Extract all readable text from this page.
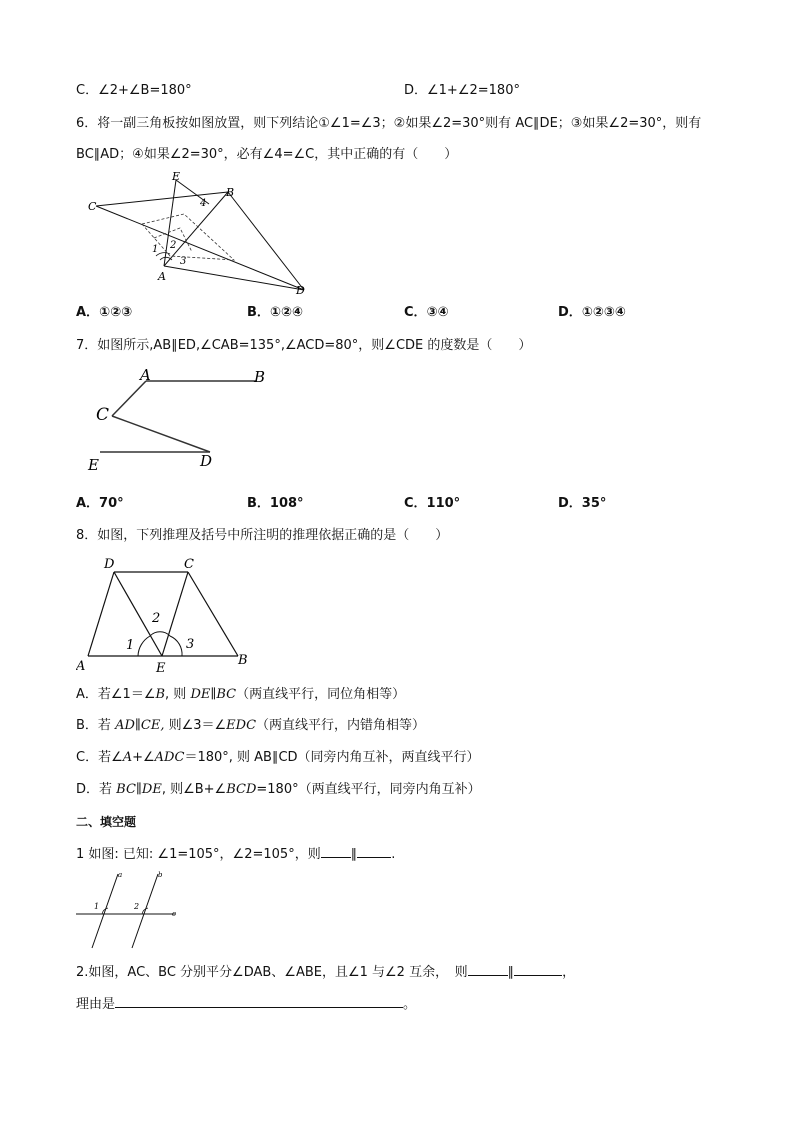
C．∠2+∠B=180°	D．∠1+∠2=180°
6．将一副三角板按如图放置，则下列结论①∠1=∠3；②如果∠2=30°则有 AC∥DE；③如果∠2=30°，则有
BC∥AD；④如果∠2=30°，必有∠4=∠C，其中正确的有（　　）
E
B
C	4
1 2
3
A
D
A．①②③	B．①②④	C．③④	D．①②③④
7．如图所示,AB∥ED,∠CAB=135°,∠ACD=80°，则∠CDE 的度数是（　　）
A	B
C
E	D
A．70°	B．108°	C．110°	D．35°
8．如图，下列推理及括号中所注明的推理依据正确的是（　　）
D	C
2
1	3
A	E
B
A．若∠1＝∠B, 则 DE∥BC（两直线平行，同位角相等）
B．若 AD∥CE, 则∠3＝∠EDC（两直线平行，内错角相等）
C．若∠A+∠ADC＝180°, 则 AB∥CD（同旁内角互补，两直线平行）
D．若 BC∥DE, 则∠B+∠BCD=180°（两直线平行，同旁内角互补）
二、填空题
1 如图: 已知: ∠1=105°，∠2=105°，则 ∥	.
a	b
c
1	2
2.如图，AC、BC 分别平分∠DAB、∠ABE，且∠1 与∠2 互余，　则	∥	，
理由是	。
